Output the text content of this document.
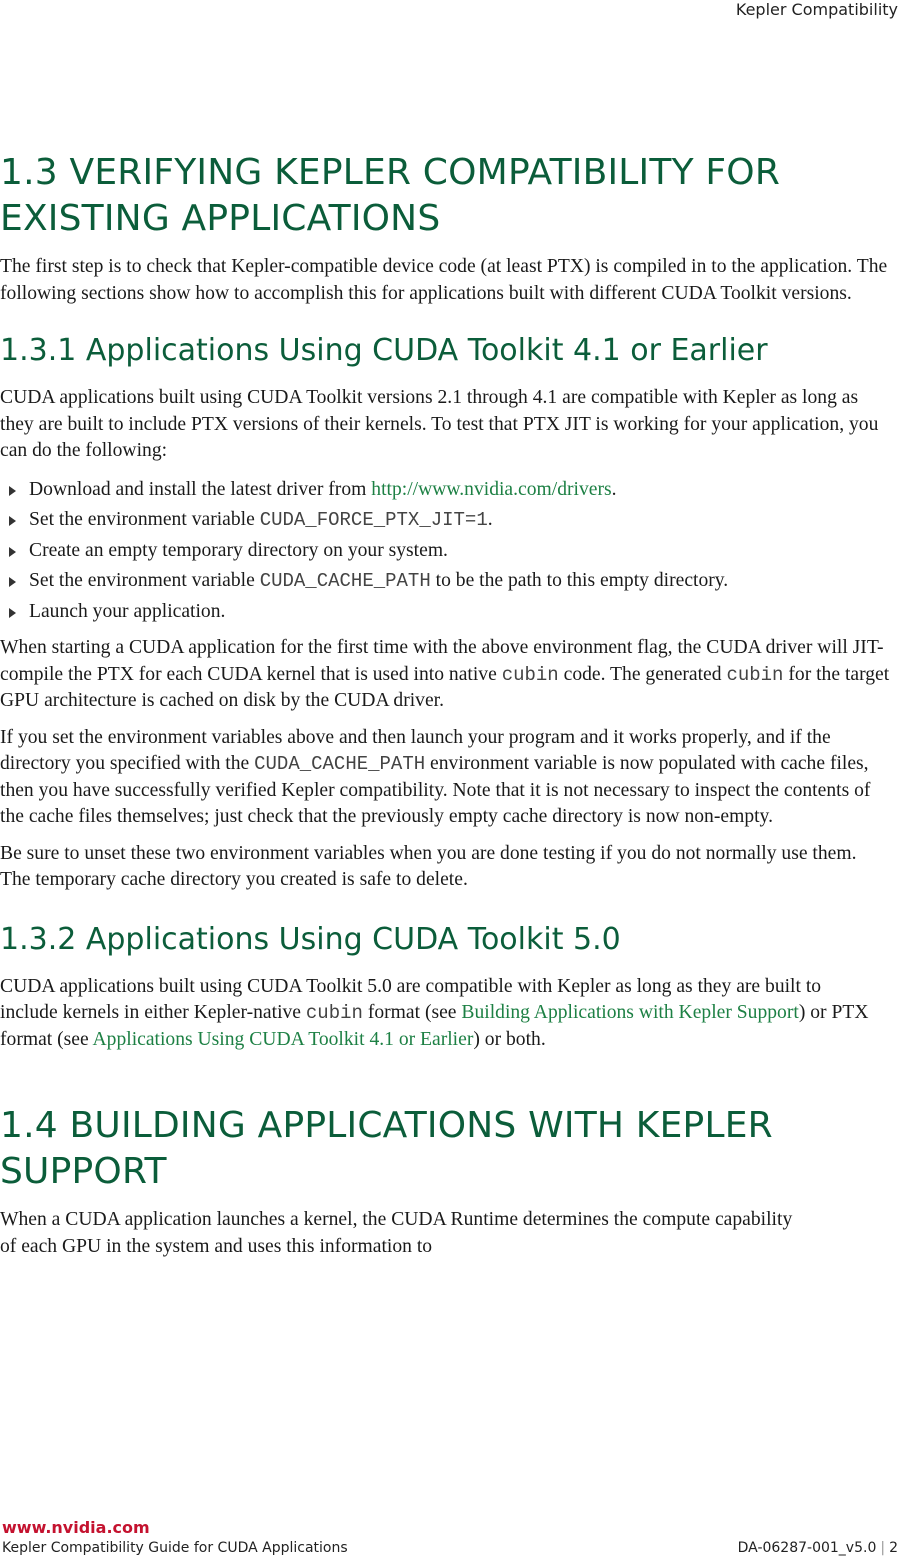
Kepler Compatibility
1.3 VERIFYING KEPLER COMPATIBILITY FOR
EXISTING APPLICATIONS

The first step is to check that Kepler-compatible device code (at least PTX) is compiled in to the application. The following sections show how to accomplish this for applications built with different CUDA Toolkit versions.

1.3.1 Applications Using CUDA Toolkit 4.1 or Earlier

CUDA applications built using CUDA Toolkit versions 2.1 through 4.1 are compatible with Kepler as long as they are built to include PTX versions of their kernels. To test that PTX JIT is working for your application, you can do the following:

Download and install the latest driver from http://www.nvidia.com/drivers.
Set the environment variable CUDA_FORCE_PTX_JIT=1.
Create an empty temporary directory on your system.
Set the environment variable CUDA_CACHE_PATH to be the path to this empty directory.
Launch your application.

When starting a CUDA application for the first time with the above environment flag, the CUDA driver will JIT-compile the PTX for each CUDA kernel that is used into native cubin code. The generated cubin for the target GPU architecture is cached on disk by the CUDA driver.

If you set the environment variables above and then launch your program and it works properly, and if the directory you specified with the CUDA_CACHE_PATH environment variable is now populated with cache files, then you have successfully verified Kepler compatibility. Note that it is not necessary to inspect the contents of the cache files themselves; just check that the previously empty cache directory is now non-empty.

Be sure to unset these two environment variables when you are done testing if you do not normally use them. The temporary cache directory you created is safe to delete.

1.3.2 Applications Using CUDA Toolkit 5.0

CUDA applications built using CUDA Toolkit 5.0 are compatible with Kepler as long as they are built to include kernels in either Kepler-native cubin format (see Building Applications with Kepler Support) or PTX format (see Applications Using CUDA Toolkit 4.1 or Earlier) or both.

1.4 BUILDING APPLICATIONS WITH KEPLER
SUPPORT

When a CUDA application launches a kernel, the CUDA Runtime determines the compute capability of each GPU in the system and uses this information to

www.nvidia.com
Kepler Compatibility Guide for CUDA Applications	DA-06287-001_v5.0 | 2
